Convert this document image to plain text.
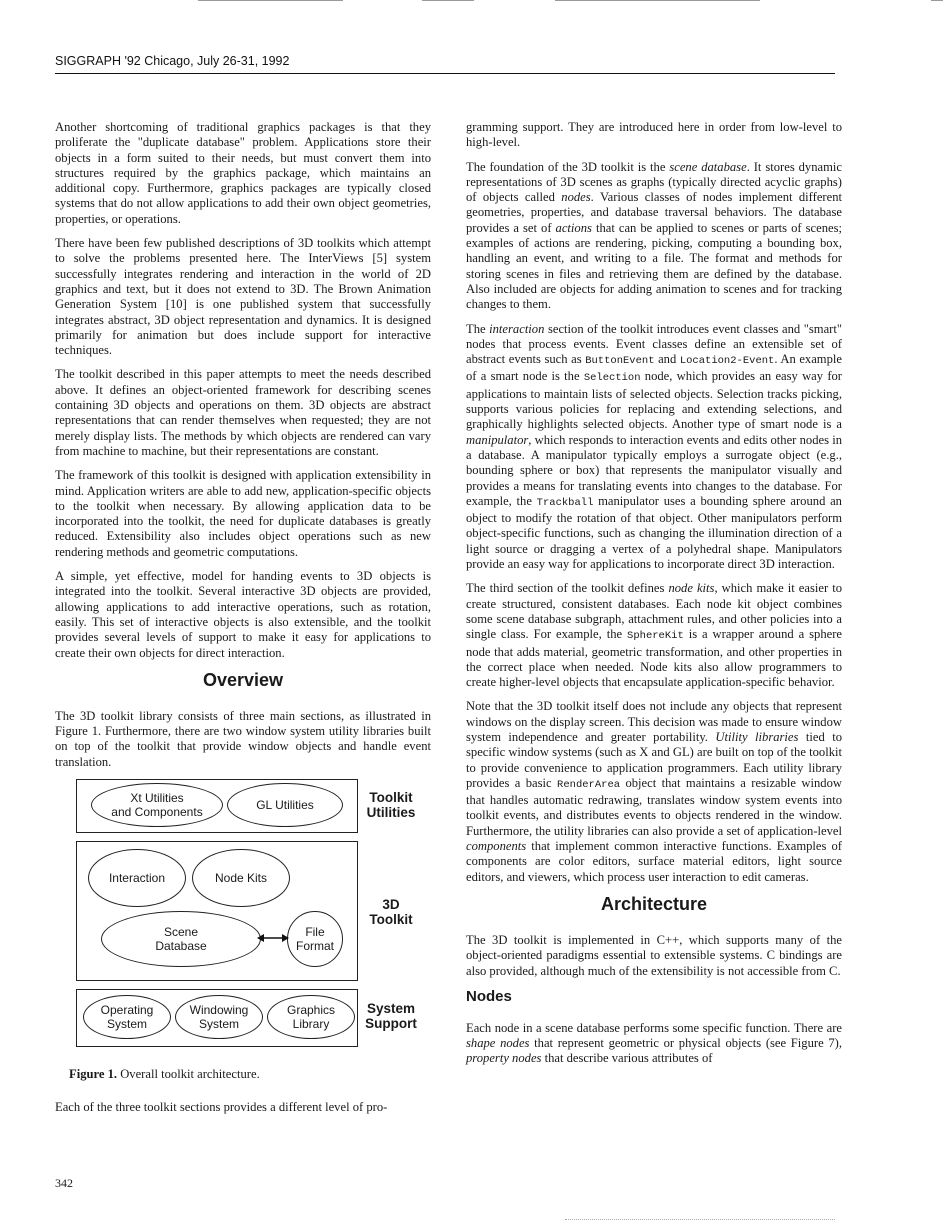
SIGGRAPH '92 Chicago, July 26-31, 1992

Another shortcoming of traditional graphics packages is that they proliferate the "duplicate database" problem. Applications store their objects in a form suited to their needs, but must convert them into structures required by the graphics package, which maintains an additional copy. Furthermore, graphics packages are typically closed systems that do not allow applications to add their own object geometries, properties, or operations.

There have been few published descriptions of 3D toolkits which attempt to solve the problems presented here. The InterViews [5] system successfully integrates rendering and interaction in the world of 2D graphics and text, but it does not extend to 3D. The Brown Animation Generation System [10] is one published system that successfully integrates abstract, 3D object representation and dynamics. It is designed primarily for animation but does include support for interactive techniques.

The toolkit described in this paper attempts to meet the needs described above. It defines an object-oriented framework for describing scenes containing 3D objects and operations on them. 3D objects are abstract representations that can render themselves when requested; they are not merely display lists. The methods by which objects are rendered can vary from machine to machine, but their representations are constant.

The framework of this toolkit is designed with application extensibility in mind. Application writers are able to add new, application-specific objects to the toolkit when necessary. By allowing application data to be incorporated into the toolkit, the need for duplicate databases is greatly reduced. Extensibility also includes object operations such as new rendering methods and geometric computations.

A simple, yet effective, model for handing events to 3D objects is integrated into the toolkit. Several interactive 3D objects are provided, allowing applications to add interactive operations, such as rotation, easily. This set of interactive objects is also extensible, and the toolkit provides several levels of support to make it easy for applications to create their own objects for direct interaction.

Overview

The 3D toolkit library consists of three main sections, as illustrated in Figure 1. Furthermore, there are two window system utility libraries built on top of the toolkit that provide window objects and handle event translation.

Xt Utilities
and Components	GL Utilities	Toolkit
Utilities
Interaction	Node Kits
Scene
Database
File
Format
3D
Toolkit
Operating
System
Windowing
System
Graphics
Library
System
Support
Figure 1. Overall toolkit architecture.

Each of the three toolkit sections provides a different level of pro-

gramming support. They are introduced here in order from low-level to high-level.

The foundation of the 3D toolkit is the scene database. It stores dynamic representations of 3D scenes as graphs (typically directed acyclic graphs) of objects called nodes. Various classes of nodes implement different geometries, properties, and database traversal behaviors. The database provides a set of actions that can be applied to scenes or parts of scenes; examples of actions are rendering, picking, computing a bounding box, handling an event, and writing to a file. The format and methods for storing scenes in files and retrieving them are defined by the database. Also included are objects for adding animation to scenes and for tracking changes to them.

The interaction section of the toolkit introduces event classes and "smart" nodes that process events. Event classes define an extensible set of abstract events such as ButtonEvent and Location2-Event. An example of a smart node is the Selection node, which provides an easy way for applications to maintain lists of selected objects. Selection tracks picking, supports various policies for replacing and extending selections, and graphically highlights selected objects. Another type of smart node is a manipulator, which responds to interaction events and edits other nodes in a database. A manipulator typically employs a surrogate object (e.g., bounding sphere or box) that represents the manipulator visually and provides a means for translating events into changes to the database. For example, the Trackball manipulator uses a bounding sphere around an object to modify the rotation of that object. Other manipulators perform object-specific functions, such as changing the illumination direction of a light source or dragging a vertex of a polyhedral shape. Manipulators provide an easy way for applications to incorporate direct 3D interaction.

The third section of the toolkit defines node kits, which make it easier to create structured, consistent databases. Each node kit object combines some scene database subgraph, attachment rules, and other policies into a single class. For example, the SphereKit is a wrapper around a sphere node that adds material, geometric transformation, and other properties in the correct place when needed. Node kits also allow programmers to create higher-level objects that encapsulate application-specific behavior.

Note that the 3D toolkit itself does not include any objects that represent windows on the display screen. This decision was made to ensure window system independence and greater portability. Utility libraries tied to specific window systems (such as X and GL) are built on top of the toolkit to provide convenience to application programmers. Each utility library provides a basic RenderArea object that maintains a resizable window that handles automatic redrawing, translates window system events into toolkit events, and distributes events to objects rendered in the window. Furthermore, the utility libraries can also provide a set of application-level components that implement common interactive functions. Examples of components are color editors, surface material editors, light source editors, and viewers, which process user interaction to edit cameras.

Architecture

The 3D toolkit is implemented in C++, which supports many of the object-oriented paradigms essential to extensible systems. C bindings are also provided, although much of the extensibility is not accessible from C.

Nodes

Each node in a scene database performs some specific function. There are shape nodes that represent geometric or physical objects (see Figure 7), property nodes that describe various attributes of

342
